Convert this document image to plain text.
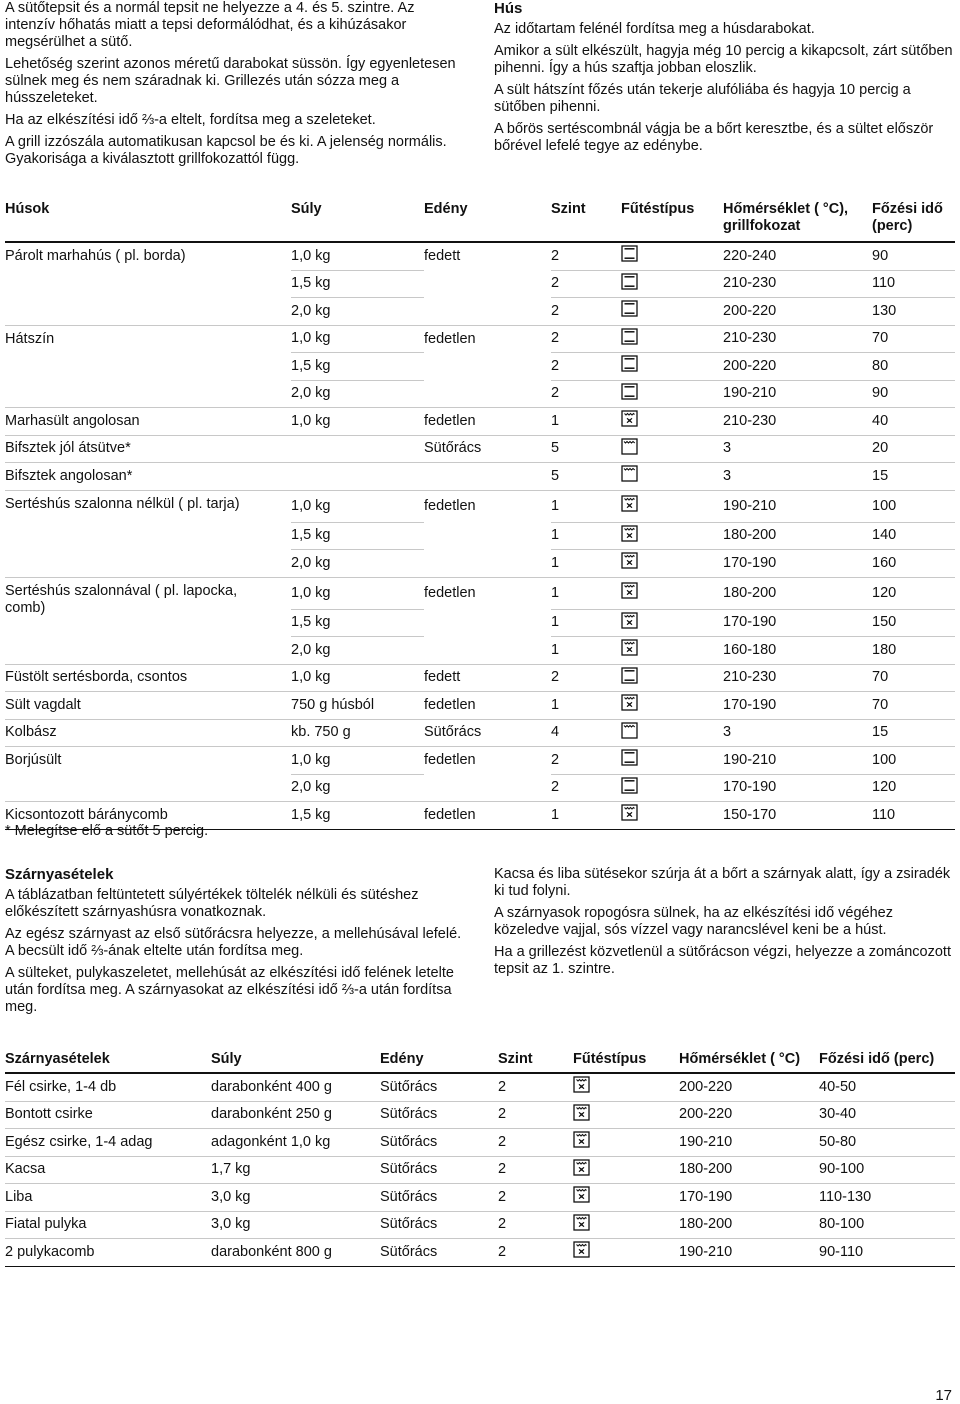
A sütőtepsit és a normál tepsit ne helyezze a 4. és 5. szintre. Az intenzív hőhatás miatt a tepsi deformálódhat, és a kihúzásakor megsérülhet a sütő.

Lehetőség szerint azonos méretű darabokat süssön. Így egyenletesen sülnek meg és nem száradnak ki. Grillezés után sózza meg a hússzeleteket.

Ha az elkészítési idő ⅔-a eltelt, fordítsa meg a szeleteket.

A grill izzószála automatikusan kapcsol be és ki. A jelenség normális. Gyakorisága a kiválasztott grillfokozattól függ.

Hús

Az időtartam felénél fordítsa meg a húsdarabokat.

Amikor a sült elkészült, hagyja még 10 percig a kikapcsolt, zárt sütőben pihenni. Így a hús szaftja jobban eloszlik.

A sült hátszínt főzés után tekerje alufóliába és hagyja 10 percig a sütőben pihenni.

A bőrös sertéscombnál vágja be a bőrt keresztbe, és a sültet először bőrével lefelé tegye az edénybe.

Húsok	Súly	Edény	Szint	Fűtéstípus	Hőmérséklet ( °C), grillfokozat	Főzési idő (perc)
Párolt marhahús ( pl. borda)	1,0 kg	fedett	2		220-240	90
	1,5 kg		2		210-230	110
	2,0 kg		2		200-220	130
Hátszín	1,0 kg	fedetlen	2		210-230	70
	1,5 kg		2		200-220	80
	2,0 kg		2		190-210	90
Marhasült angolosan	1,0 kg	fedetlen	1		210-230	40
Bifsztek jól átsütve*		Sütőrács	5		3	20
Bifsztek angolosan*			5		3	15

Sertéshús szalonna nélkül ( pl. tarja)	1,0 kg	fedetlen	1		190-210	100
	1,5 kg		1		180-200	140
	2,0 kg		1		170-190	160

Sertéshús szalonnával ( pl. lapocka, comb)	1,0 kg	fedetlen	1		180-200	120
	1,5 kg		1		170-190	150
	2,0 kg		1		160-180	180
Füstölt sertésborda, csontos	1,0 kg	fedett	2		210-230	70
Sült vagdalt	750 g húsból	fedetlen	1		170-190	70
Kolbász	kb. 750 g	Sütőrács	4		3	15
Borjúsült	1,0 kg	fedetlen	2		190-210	100
	2,0 kg		2		170-190	120
Kicsontozott báránycomb	1,5 kg	fedetlen	1		150-170	110
* Melegítse elő a sütőt 5 percig.
Szárnyasételek

A táblázatban feltüntetett súlyértékek töltelék nélküli és sütéshez előkészített szárnyashúsra vonatkoznak.

Az egész szárnyast az első sütőrácsra helyezze, a mellehúsával lefelé. A becsült idő ⅔-ának eltelte után fordítsa meg.

A sülteket, pulykaszeletet, mellehúsát az elkészítési idő felének letelte után fordítsa meg. A szárnyasokat az elkészítési idő ⅔-a után fordítsa meg.

Kacsa és liba sütésekor szúrja át a bőrt a szárnyak alatt, így a zsiradék ki tud folyni.

A szárnyasok ropogósra sülnek, ha az elkészítési idő végéhez közeledve vajjal, sós vízzel vagy narancslével keni be a húst.

Ha a grillezést közvetlenül a sütőrácson végzi, helyezze a zománcozott tepsit az 1. szintre.

Szárnyasételek	Súly	Edény	Szint	Fűtéstípus	Hőmérséklet ( °C)	Főzési idő (perc)
Fél csirke, 1-4 db	darabonként 400 g	Sütőrács	2		200-220	40-50
Bontott csirke	darabonként 250 g	Sütőrács	2		200-220	30-40
Egész csirke, 1-4 adag	adagonként 1,0 kg	Sütőrács	2		190-210	50-80
Kacsa	1,7 kg	Sütőrács	2		180-200	90-100
Liba	3,0 kg	Sütőrács	2		170-190	110-130
Fiatal pulyka	3,0 kg	Sütőrács	2		180-200	80-100
2 pulykacomb	darabonként 800 g	Sütőrács	2		190-210	90-110
17
